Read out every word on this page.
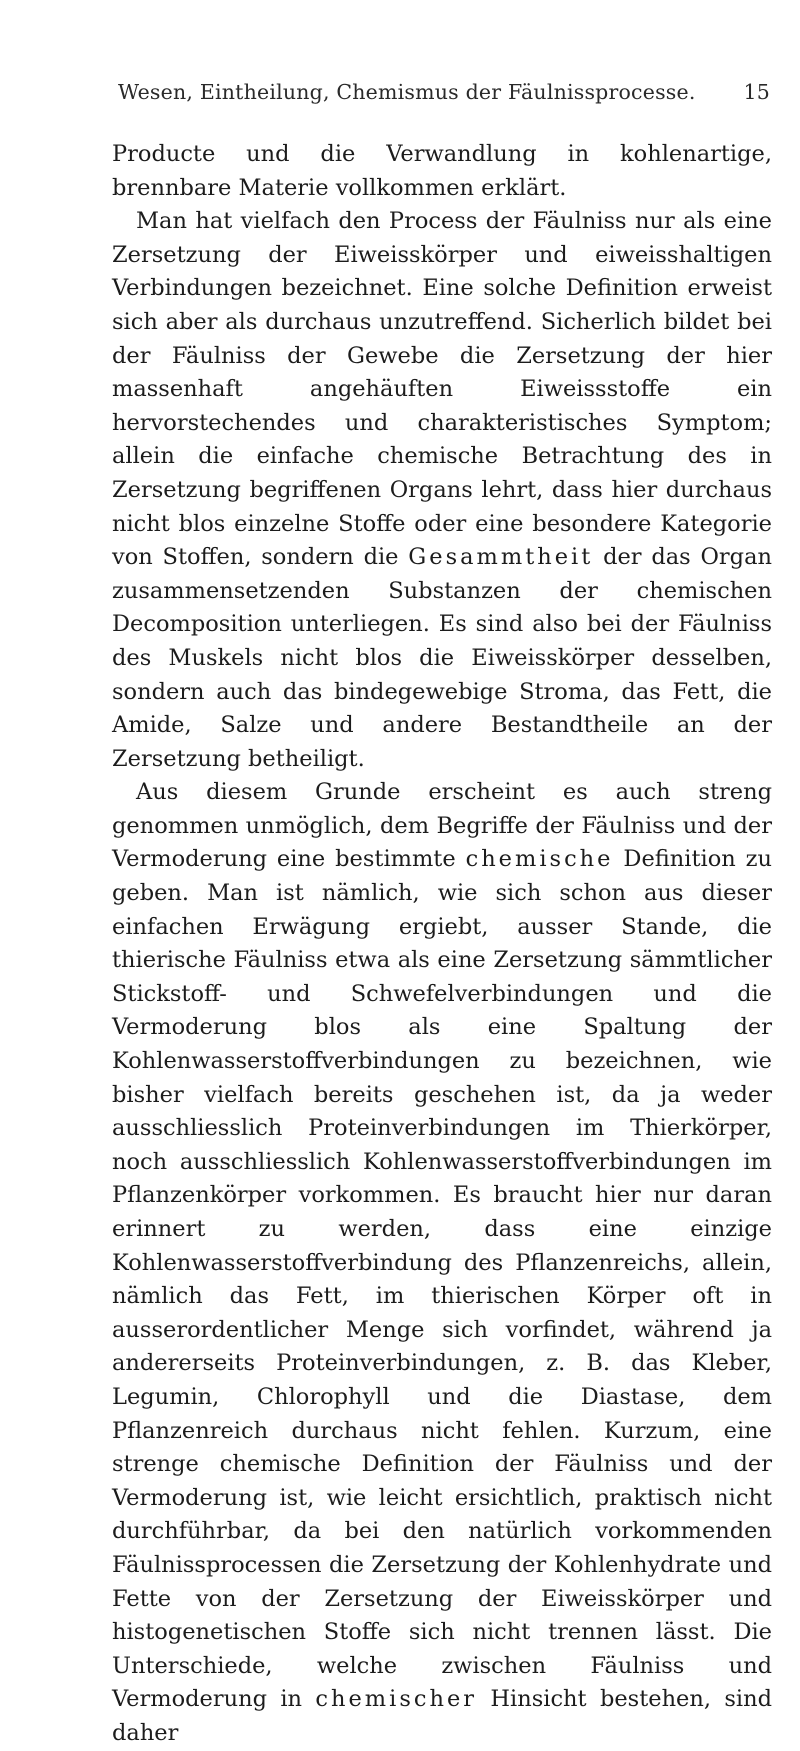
Wesen, Eintheilung, Chemismus der Fäulnissprocesse. 15

Producte und die Verwandlung in kohlenartige, brennbare Materie vollkommen erklärt.

Man hat vielfach den Process der Fäulniss nur als eine Zersetzung der Eiweisskörper und eiweisshaltigen Verbindungen bezeichnet. Eine solche Definition erweist sich aber als durchaus unzutreffend. Sicherlich bildet bei der Fäulniss der Gewebe die Zersetzung der hier massenhaft angehäuften Eiweissstoffe ein hervorstechendes und charakteristisches Symptom; allein die einfache chemische Betrachtung des in Zersetzung begriffenen Organs lehrt, dass hier durchaus nicht blos einzelne Stoffe oder eine besondere Kategorie von Stoffen, sondern die Gesammtheit der das Organ zusammensetzenden Substanzen der chemischen Decomposition unterliegen. Es sind also bei der Fäulniss des Muskels nicht blos die Eiweisskörper desselben, sondern auch das bindegewebige Stroma, das Fett, die Amide, Salze und andere Bestandtheile an der Zersetzung betheiligt.

Aus diesem Grunde erscheint es auch streng genommen unmöglich, dem Begriffe der Fäulniss und der Vermoderung eine bestimmte chemische Definition zu geben. Man ist nämlich, wie sich schon aus dieser einfachen Erwägung ergiebt, ausser Stande, die thierische Fäulniss etwa als eine Zersetzung sämmtlicher Stickstoff- und Schwefelverbindungen und die Vermoderung blos als eine Spaltung der Kohlenwasserstoffverbindungen zu bezeichnen, wie bisher vielfach bereits geschehen ist, da ja weder ausschliesslich Proteinverbindungen im Thierkörper, noch ausschliesslich Kohlenwasserstoffverbindungen im Pflanzenkörper vorkommen. Es braucht hier nur daran erinnert zu werden, dass eine einzige Kohlenwasserstoffverbindung des Pflanzenreichs, allein, nämlich das Fett, im thierischen Körper oft in ausserordentlicher Menge sich vorfindet, während ja andererseits Proteinverbindungen, z. B. das Kleber, Legumin, Chlorophyll und die Diastase, dem Pflanzenreich durchaus nicht fehlen. Kurzum, eine strenge chemische Definition der Fäulniss und der Vermoderung ist, wie leicht ersichtlich, praktisch nicht durchführbar, da bei den natürlich vorkommenden Fäulnissprocessen die Zersetzung der Kohlenhydrate und Fette von der Zersetzung der Eiweisskörper und histogenetischen Stoffe sich nicht trennen lässt. Die Unterschiede, welche zwischen Fäulniss und Vermoderung in chemischer Hinsicht bestehen, sind daher
